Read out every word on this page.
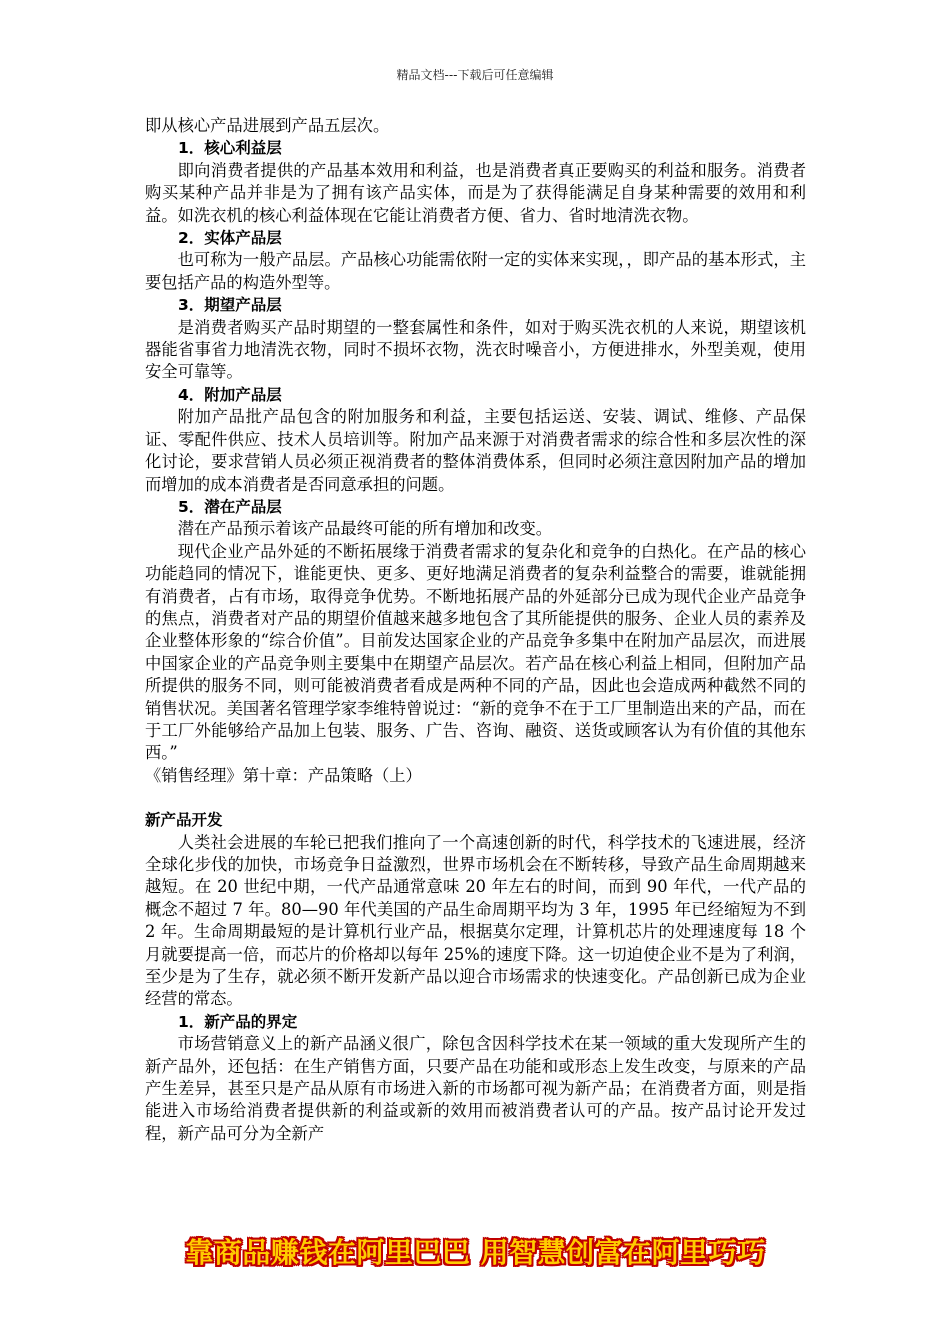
精品文档---下载后可任意编辑

即从核心产品进展到产品五层次。

1．核心利益层

即向消费者提供的产品基本效用和利益，也是消费者真正要购买的利益和服务。消费者购买某种产品并非是为了拥有该产品实体，而是为了获得能满足自身某种需要的效用和利益。如洗衣机的核心利益体现在它能让消费者方便、省力、省时地清洗衣物。

2．实体产品层

也可称为一般产品层。产品核心功能需依附一定的实体来实现，，即产品的基本形式，主要包括产品的构造外型等。

3．期望产品层

是消费者购买产品时期望的一整套属性和条件，如对于购买洗衣机的人来说，期望该机器能省事省力地清洗衣物，同时不损坏衣物，洗衣时噪音小，方便进排水，外型美观，使用安全可靠等。

4．附加产品层

附加产品批产品包含的附加服务和利益，主要包括运送、安装、调试、维修、产品保证、零配件供应、技术人员培训等。附加产品来源于对消费者需求的综合性和多层次性的深化讨论，要求营销人员必须正视消费者的整体消费体系，但同时必须注意因附加产品的增加而增加的成本消费者是否同意承担的问题。

5．潜在产品层

潜在产品预示着该产品最终可能的所有增加和改变。

现代企业产品外延的不断拓展缘于消费者需求的复杂化和竞争的白热化。在产品的核心功能趋同的情况下，谁能更快、更多、更好地满足消费者的复杂利益整合的需要，谁就能拥有消费者，占有市场，取得竞争优势。不断地拓展产品的外延部分已成为现代企业产品竞争的焦点，消费者对产品的期望价值越来越多地包含了其所能提供的服务、企业人员的素养及企业整体形象的“综合价值”。目前发达国家企业的产品竞争多集中在附加产品层次，而进展中国家企业的产品竞争则主要集中在期望产品层次。若产品在核心利益上相同，但附加产品所提供的服务不同，则可能被消费者看成是两种不同的产品，因此也会造成两种截然不同的销售状况。美国著名管理学家李维特曾说过：“新的竞争不在于工厂里制造出来的产品，而在于工厂外能够给产品加上包装、服务、广告、咨询、融资、送货或顾客认为有价值的其他东西。”

《销售经理》第十章：产品策略（上）

新产品开发

人类社会进展的车轮已把我们推向了一个高速创新的时代，科学技术的飞速进展，经济全球化步伐的加快，市场竞争日益激烈，世界市场机会在不断转移，导致产品生命周期越来越短。在 20 世纪中期，一代产品通常意味 20 年左右的时间，而到 90 年代，一代产品的概念不超过 7 年。80—90 年代美国的产品生命周期平均为 3 年，1995 年已经缩短为不到 2 年。生命周期最短的是计算机行业产品，根据莫尔定理，计算机芯片的处理速度每 18 个月就要提高一倍，而芯片的价格却以每年 25%的速度下降。这一切迫使企业不是为了利润，至少是为了生存，就必须不断开发新产品以迎合市场需求的快速变化。产品创新已成为企业经营的常态。

1．新产品的界定

市场营销意义上的新产品涵义很广，除包含因科学技术在某一领域的重大发现所产生的新产品外，还包括：在生产销售方面，只要产品在功能和或形态上发生改变，与原来的产品产生差异，甚至只是产品从原有市场进入新的市场都可视为新产品；在消费者方面，则是指能进入市场给消费者提供新的利益或新的效用而被消费者认可的产品。按产品讨论开发过程，新产品可分为全新产

靠商品赚钱在阿里巴巴 用智慧创富在阿里巧巧
